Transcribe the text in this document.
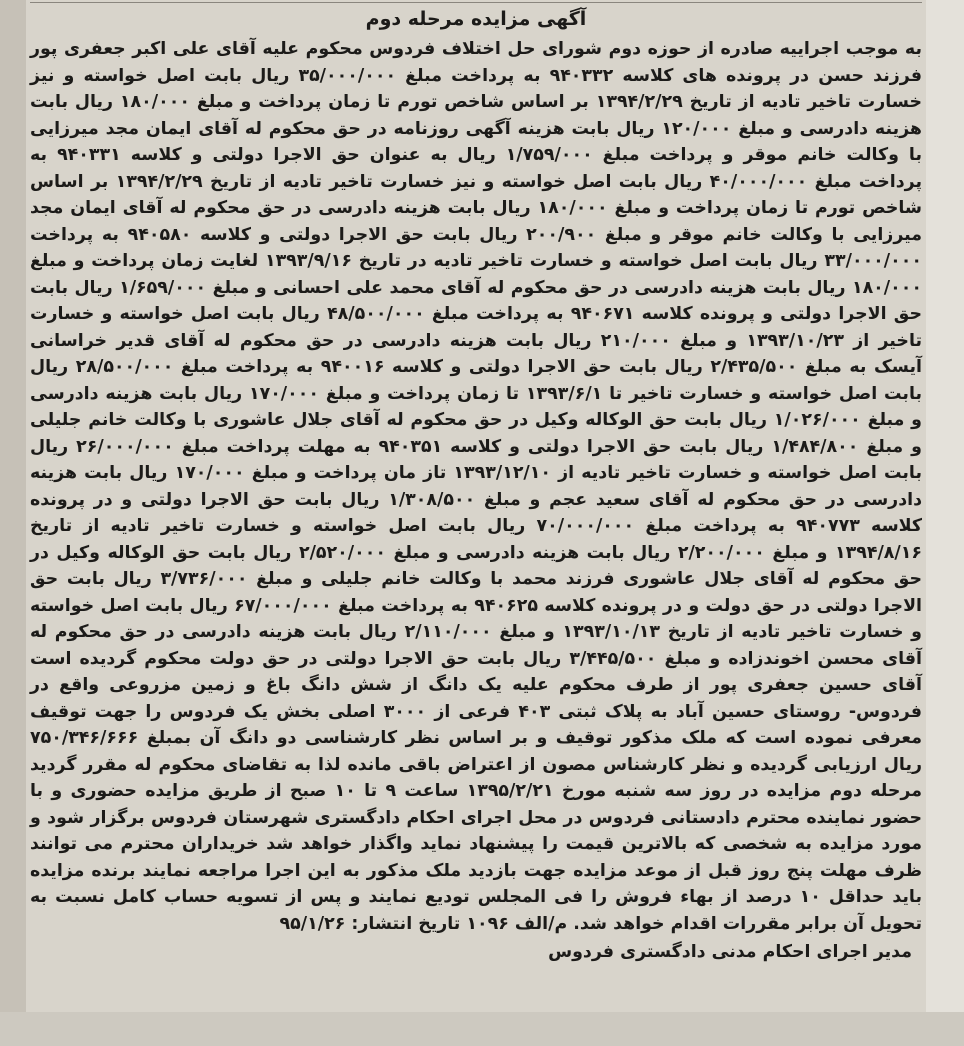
آگهی مزایده مرحله دوم

به موجب اجراییه صادره از حوزه دوم شورای حل اختلاف فردوس محکوم علیه آقای علی اکبر جعفری پور فرزند حسن در پرونده های کلاسه ۹۴۰۳۳۲ به پرداخت مبلغ ۳۵/۰۰۰/۰۰۰ ریال بابت اصل خواسته و نیز خسارت تاخیر تادیه از تاریخ ۱۳۹۴/۲/۲۹ بر اساس شاخص تورم تا زمان پرداخت و مبلغ ۱۸۰/۰۰۰ ریال بابت هزینه دادرسی و مبلغ ۱۲۰/۰۰۰ ریال بابت هزینه آگهی روزنامه در حق محکوم له آقای ایمان مجد میرزایی با وکالت خانم موقر و پرداخت مبلغ ۱/۷۵۹/۰۰۰ ریال به عنوان حق الاجرا دولتی و کلاسه ۹۴۰۳۳۱ به پرداخت مبلغ ۴۰/۰۰۰/۰۰۰ ریال بابت اصل خواسته و نیز خسارت تاخیر تادیه از تاریخ ۱۳۹۴/۲/۲۹ بر اساس شاخص تورم تا زمان پرداخت و مبلغ ۱۸۰/۰۰۰ ریال بابت هزینه دادرسی در حق محکوم له آقای ایمان مجد میرزایی با وکالت خانم موقر و مبلغ ۲۰۰/۹۰۰ ریال بابت حق الاجرا دولتی و کلاسه ۹۴۰۵۸۰ به پرداخت ۳۳/۰۰۰/۰۰۰ ریال بابت اصل خواسته و خسارت تاخیر تادیه در تاریخ ۱۳۹۳/۹/۱۶ لغایت زمان پرداخت و مبلغ ۱۸۰/۰۰۰ ریال بابت هزینه دادرسی در حق محکوم له آقای محمد علی احسانی و مبلغ ۱/۶۵۹/۰۰۰ ریال بابت حق الاجرا دولتی و پرونده کلاسه ۹۴۰۶۷۱ به پرداخت مبلغ ۴۸/۵۰۰/۰۰۰ ریال بابت اصل خواسته و خسارت تاخیر از ۱۳۹۳/۱۰/۲۳ و مبلغ ۲۱۰/۰۰۰ ریال بابت هزینه دادرسی در حق محکوم له آقای قدیر خراسانی آیسک به مبلغ ۲/۴۳۵/۵۰۰ ریال بابت حق الاجرا دولتی و کلاسه ۹۴۰۰۱۶ به پرداخت مبلغ ۲۸/۵۰۰/۰۰۰ ریال بابت اصل خواسته و خسارت تاخیر تا ۱۳۹۳/۶/۱ تا زمان پرداخت و مبلغ ۱۷۰/۰۰۰ ریال بابت هزینه دادرسی و مبلغ ۱/۰۲۶/۰۰۰ ریال بابت حق الوکاله وکیل در حق محکوم له آقای جلال عاشوری با وکالت خانم جلیلی و مبلغ ۱/۴۸۴/۸۰۰ ریال بابت حق الاجرا دولتی و کلاسه ۹۴۰۳۵۱ به مهلت پرداخت مبلغ ۲۶/۰۰۰/۰۰۰ ریال بابت اصل خواسته و خسارت تاخیر تادیه از ۱۳۹۳/۱۲/۱۰ تاز مان پرداخت و مبلغ ۱۷۰/۰۰۰ ریال بابت هزینه دادرسی در حق محکوم له آقای سعید عجم و مبلغ ۱/۳۰۸/۵۰۰ ریال بابت حق الاجرا دولتی و در پرونده کلاسه ۹۴۰۷۷۳ به پرداخت مبلغ ۷۰/۰۰۰/۰۰۰ ریال بابت اصل خواسته و خسارت تاخیر تادیه از تاریخ ۱۳۹۴/۸/۱۶ و مبلغ ۲/۲۰۰/۰۰۰ ریال بابت هزینه دادرسی و مبلغ ۲/۵۲۰/۰۰۰ ریال بابت حق الوکاله وکیل در حق محکوم له آقای جلال عاشوری فرزند محمد با وکالت خانم جلیلی و مبلغ ۳/۷۳۶/۰۰۰ ریال بابت حق الاجرا دولتی در حق دولت و در پرونده کلاسه ۹۴۰۶۲۵ به پرداخت مبلغ ۶۷/۰۰۰/۰۰۰ ریال بابت اصل خواسته و خسارت تاخیر تادیه از تاریخ ۱۳۹۳/۱۰/۱۳ و مبلغ ۲/۱۱۰/۰۰۰ ریال بابت هزینه دادرسی در حق محکوم له آقای محسن اخوندزاده و مبلغ ۳/۴۴۵/۵۰۰ ریال بابت حق الاجرا دولتی در حق دولت محکوم گردیده است آقای حسین جعفری پور از طرف محکوم علیه یک دانگ از شش دانگ باغ و زمین مزروعی واقع در فردوس- روستای حسین آباد به پلاک ثبتی ۴۰۳ فرعی از ۳۰۰۰ اصلی بخش یک فردوس را جهت توقیف معرفی نموده است که ملک مذکور توقیف و بر اساس نظر کارشناسی دو دانگ آن بمبلغ ۷۵۰/۳۴۶/۶۶۶ ریال ارزیابی گردیده و نظر کارشناس مصون از اعتراض باقی مانده لذا به تقاضای محکوم له مقرر گردید مرحله دوم مزایده در روز سه شنبه مورخ ۱۳۹۵/۲/۲۱ ساعت ۹ تا ۱۰ صبح از طریق مزایده حضوری و با حضور نماینده محترم دادستانی فردوس در محل اجرای احکام دادگستری شهرستان فردوس برگزار شود و مورد مزایده به شخصی که بالاترین قیمت را پیشنهاد نماید واگذار خواهد شد خریداران محترم می توانند ظرف مهلت پنج روز قبل از موعد مزایده جهت بازدید ملک مذکور به این اجرا مراجعه نمایند برنده مزایده باید حداقل ۱۰ درصد از بهاء فروش را فی المجلس تودیع نمایند و پس از تسویه حساب کامل نسبت به تحویل آن برابر مقررات اقدام خواهد شد. م/الف ۱۰۹۶ تاریخ انتشار: ۹۵/۱/۲۶

مدیر اجرای احکام مدنی دادگستری فردوس
